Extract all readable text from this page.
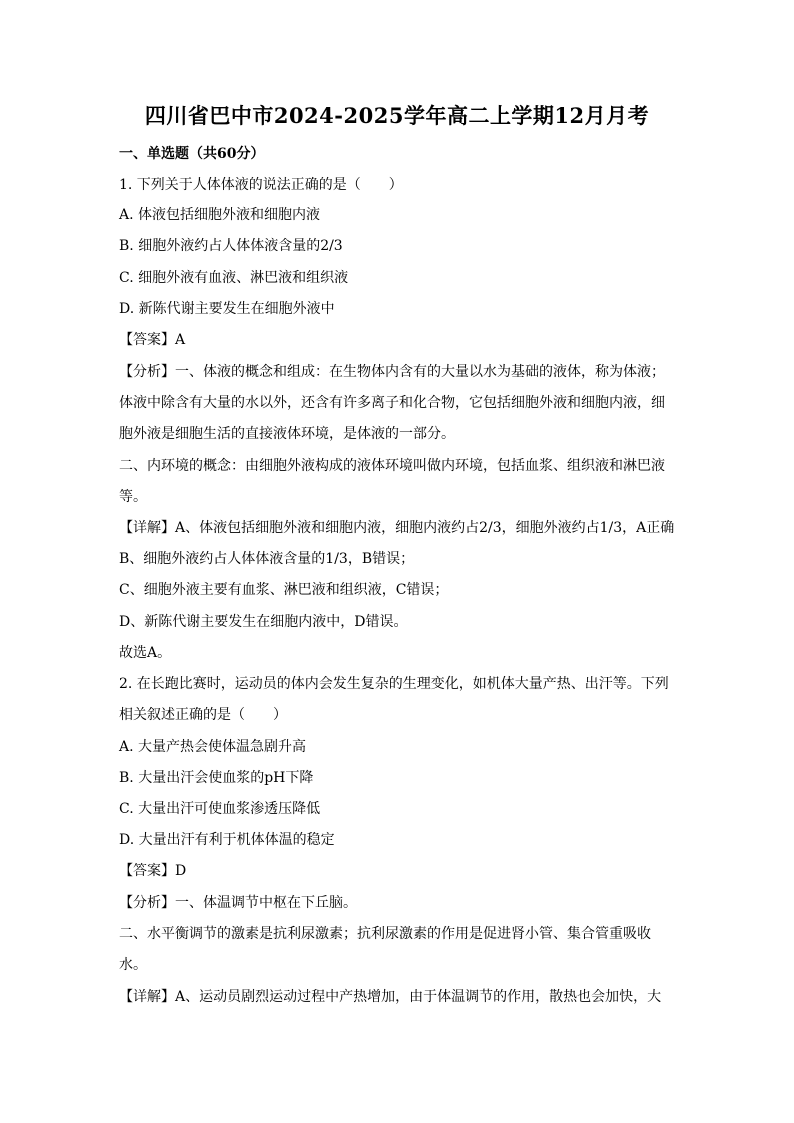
四川省巴中市2024-2025学年高二上学期12月月考
一、单选题（共60分）
1. 下列关于人体体液的说法正确的是（　　）
A. 体液包括细胞外液和细胞内液
B. 细胞外液约占人体体液含量的2/3
C. 细胞外液有血液、淋巴液和组织液
D. 新陈代谢主要发生在细胞外液中
【答案】A
【分析】一、体液的概念和组成：在生物体内含有的大量以水为基础的液体，称为体液；
体液中除含有大量的水以外，还含有许多离子和化合物，它包括细胞外液和细胞内液，细
胞外液是细胞生活的直接液体环境，是体液的一部分。
二、内环境的概念：由细胞外液构成的液体环境叫做内环境，包括血浆、组织液和淋巴液
等。
【详解】A、体液包括细胞外液和细胞内液，细胞内液约占2/3，细胞外液约占1/3，A正确
B、细胞外液约占人体体液含量的1/3，B错误；
C、细胞外液主要有血浆、淋巴液和组织液，C错误；
D、新陈代谢主要发生在细胞内液中，D错误。
故选A。
2. 在长跑比赛时，运动员的体内会发生复杂的生理变化，如机体大量产热、出汗等。下列
相关叙述正确的是（　　）
A. 大量产热会使体温急剧升高
B. 大量出汗会使血浆的pH下降
C. 大量出汗可使血浆渗透压降低
D. 大量出汗有利于机体体温的稳定
【答案】D
【分析】一、体温调节中枢在下丘脑。
二、水平衡调节的激素是抗利尿激素；抗利尿激素的作用是促进肾小管、集合管重吸收
水。
【详解】A、运动员剧烈运动过程中产热增加，由于体温调节的作用，散热也会加快，大
